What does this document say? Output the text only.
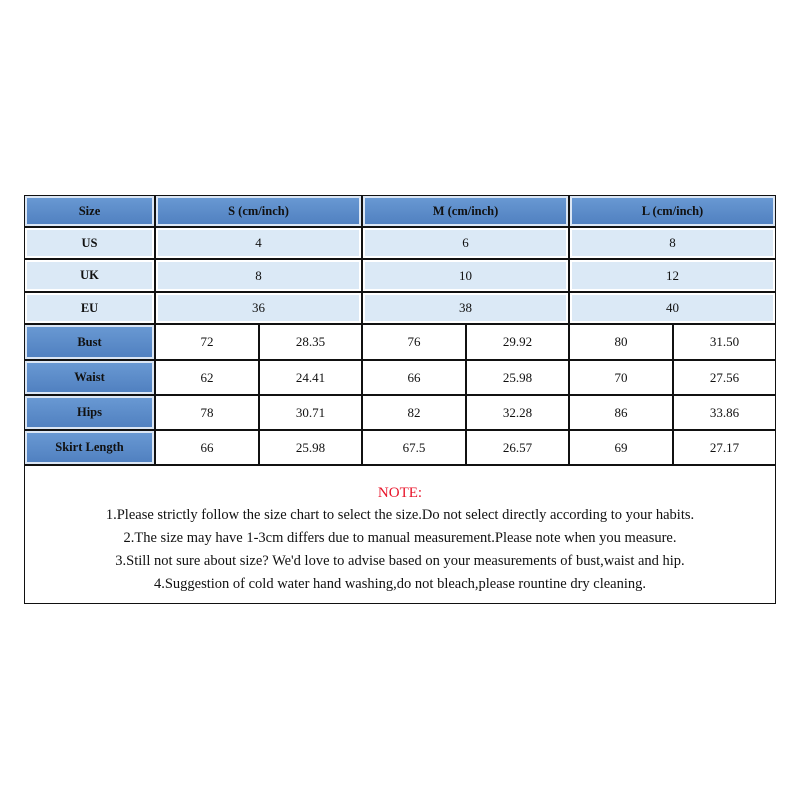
Size	S (cm/inch)	M (cm/inch)	L (cm/inch)
US	4	6	8
UK	8	10	12
EU	36	38	40
Bust	72	28.35	76	29.92	80	31.50
Waist	62	24.41	66	25.98	70	27.56
Hips	78	30.71	82	32.28	86	33.86
Skirt Length	66	25.98	67.5	26.57	69	27.17
NOTE:
1.Please strictly follow the size chart to select the size.Do not select directly according to your habits.
2.The size may have 1-3cm differs due to manual measurement.Please note when you measure.
3.Still not sure about size? We'd love to advise based on your measurements of bust,waist and hip.
4.Suggestion of cold water hand washing,do not bleach,please rountine dry cleaning.
